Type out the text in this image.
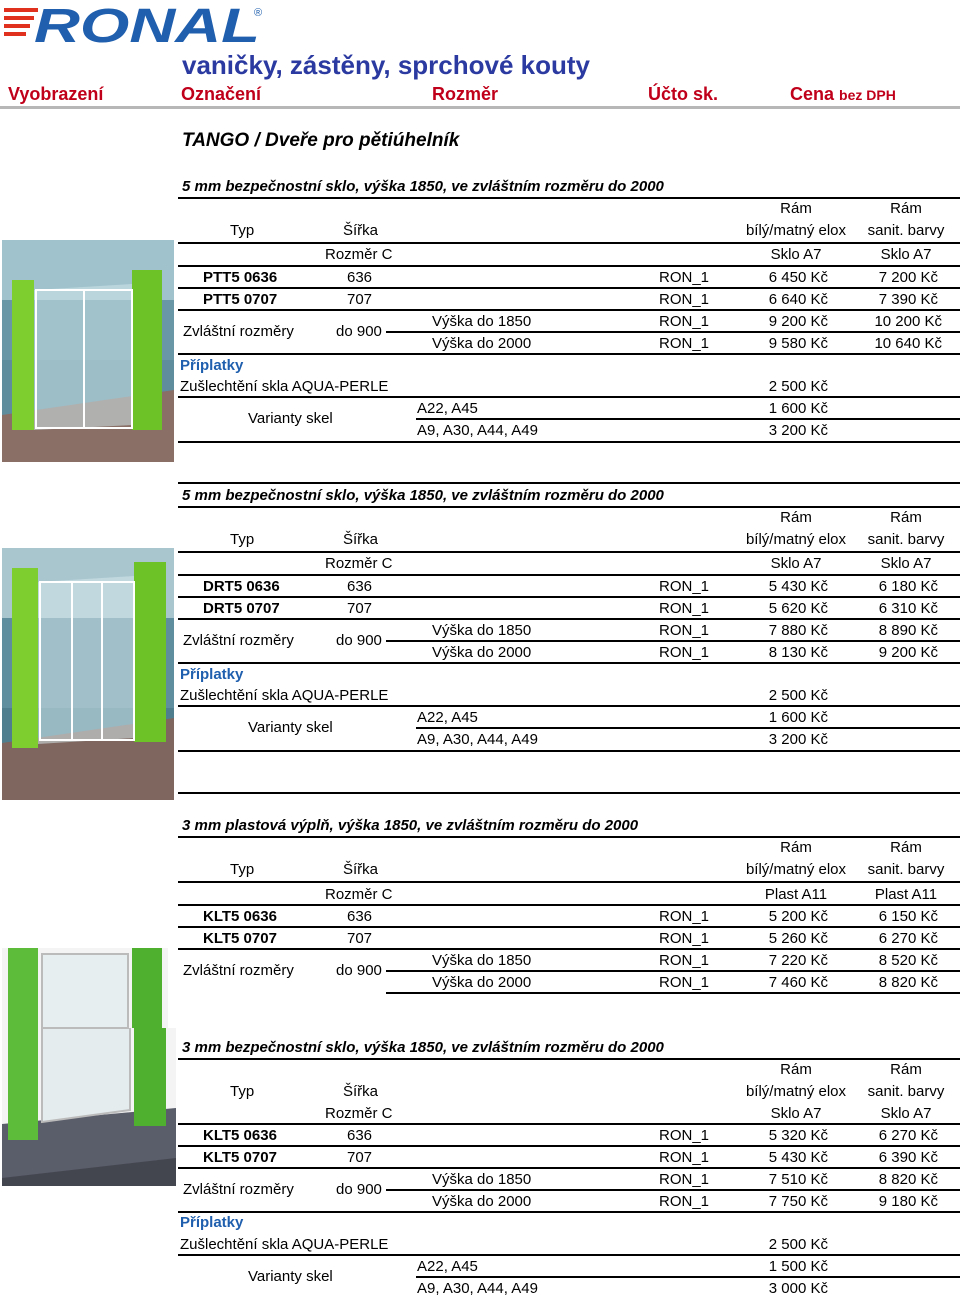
RONAL
®
vaničky, zástěny, sprchové kouty
Vyobrazení	Označení	Rozměr	Účto sk.	Cena bez DPH
TANGO / Dveře pro pětiúhelník
5 mm bezpečnostní sklo, výška 1850, ve zvláštním rozměru do 2000
Rám	Rám
Typ	Šířka	bílý/matný elox	sanit. barvy
Rozměr C	Sklo A7	Sklo A7
PTT5 0636	636	RON_1	6 450 Kč	7 200 Kč
PTT5 0707	707	RON_1	6 640 Kč	7 390 Kč
Zvláštní rozměry	do 900
Výška do 1850	RON_1	9 200 Kč	10 200 Kč
Výška do 2000	RON_1	9 580 Kč	10 640 Kč
Příplatky
Zušlechtění skla AQUA-PERLE	2 500 Kč
Varianty skel
A22, A45	1 600 Kč
A9, A30, A44, A49	3 200 Kč
5 mm bezpečnostní sklo, výška 1850, ve zvláštním rozměru do 2000
Rám	Rám
Typ	Šířka	bílý/matný elox	sanit. barvy
Rozměr C	Sklo A7	Sklo A7
DRT5 0636	636	RON_1	5 430 Kč	6 180 Kč
DRT5 0707	707	RON_1	5 620 Kč	6 310 Kč
Zvláštní rozměry	do 900
Výška do 1850	RON_1	7 880 Kč	8 890 Kč
Výška do 2000	RON_1	8 130 Kč	9 200 Kč
Příplatky
Zušlechtění skla AQUA-PERLE	2 500 Kč
Varianty skel
A22, A45	1 600 Kč
A9, A30, A44, A49	3 200 Kč
3 mm plastová výplň, výška 1850, ve zvláštním rozměru do 2000
Rám	Rám
Typ	Šířka	bílý/matný elox	sanit. barvy
Rozměr C	Plast A11	Plast A11
KLT5 0636	636	RON_1	5 200 Kč	6 150 Kč
KLT5 0707	707	RON_1	5 260 Kč	6 270 Kč
Zvláštní rozměry	do 900
Výška do 1850	RON_1	7 220 Kč	8 520 Kč
Výška do 2000	RON_1	7 460 Kč	8 820 Kč
3 mm bezpečnostní sklo, výška 1850, ve zvláštním rozměru do 2000
Rám	Rám
Typ	Šířka	bílý/matný elox	sanit. barvy
Rozměr C	Sklo A7	Sklo A7
KLT5 0636	636	RON_1	5 320 Kč	6 270 Kč
KLT5 0707	707	RON_1	5 430 Kč	6 390 Kč
Zvláštní rozměry	do 900
Výška do 1850	RON_1	7 510 Kč	8 820 Kč
Výška do 2000	RON_1	7 750 Kč	9 180 Kč
Příplatky
Zušlechtění skla AQUA-PERLE	2 500 Kč
Varianty skel
A22, A45	1 500 Kč
A9, A30, A44, A49	3 000 Kč
